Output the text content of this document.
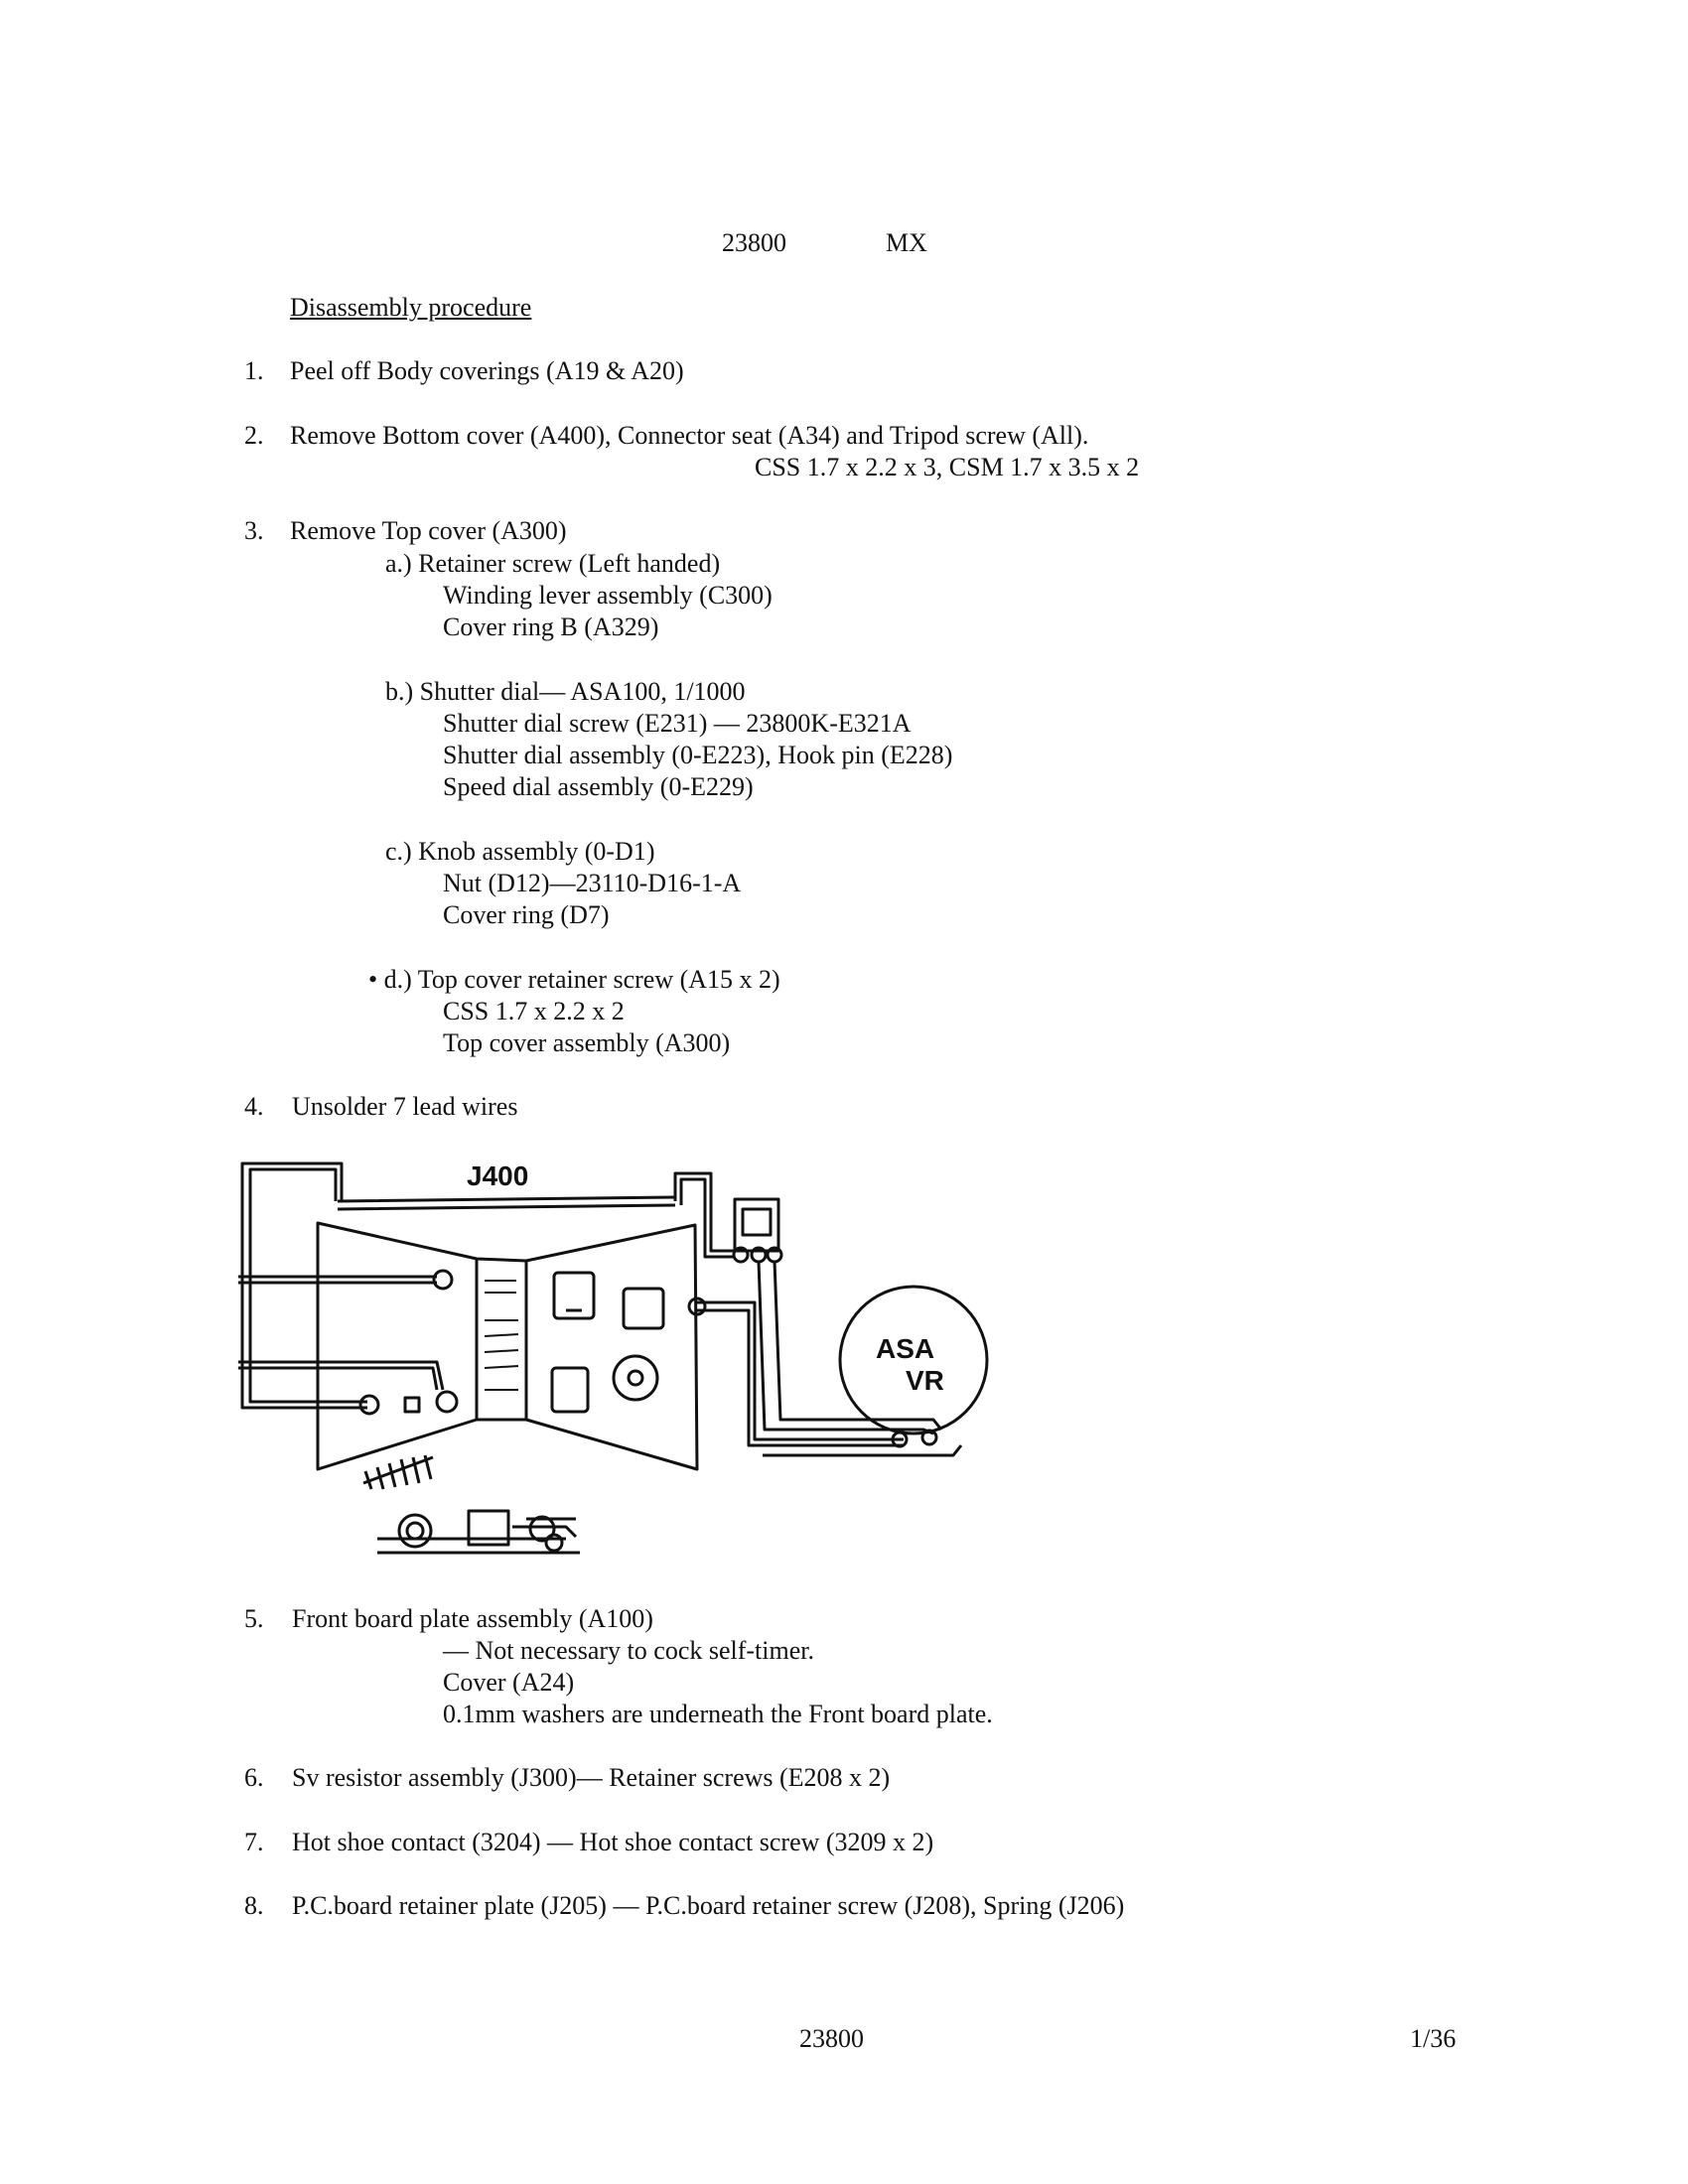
23800	MX
Disassembly procedure
1. Peel off Body coverings (A19 & A20)
2. Remove Bottom cover (A400), Connector seat (A34) and Tripod screw (All).
CSS 1.7 x 2.2 x 3, CSM 1.7 x 3.5 x 2
3. Remove Top cover (A300)
a.) Retainer screw (Left handed)
Winding lever assembly (C300)
Cover ring B (A329)
b.) Shutter dial— ASA100, 1/1000
Shutter dial screw (E231) — 23800K-E321A
Shutter dial assembly (0-E223), Hook pin (E228)
Speed dial assembly (0-E229)
c.) Knob assembly (0-D1)
Nut (D12)—23110-D16-1-A
Cover ring (D7)
• d.) Top cover retainer screw (A15 x 2)
CSS 1.7 x 2.2 x 2
Top cover assembly (A300)
4. Unsolder 7 lead wires
J400
ASA
VR
5. Front board plate assembly (A100)
— Not necessary to cock self-timer.
Cover (A24)
0.1mm washers are underneath the Front board plate.
6. Sv resistor assembly (J300)— Retainer screws (E208 x 2)
7. Hot shoe contact (3204) — Hot shoe contact screw (3209 x 2)
8. P.C.board retainer plate (J205) — P.C.board retainer screw (J208), Spring (J206)
23800	1/36
